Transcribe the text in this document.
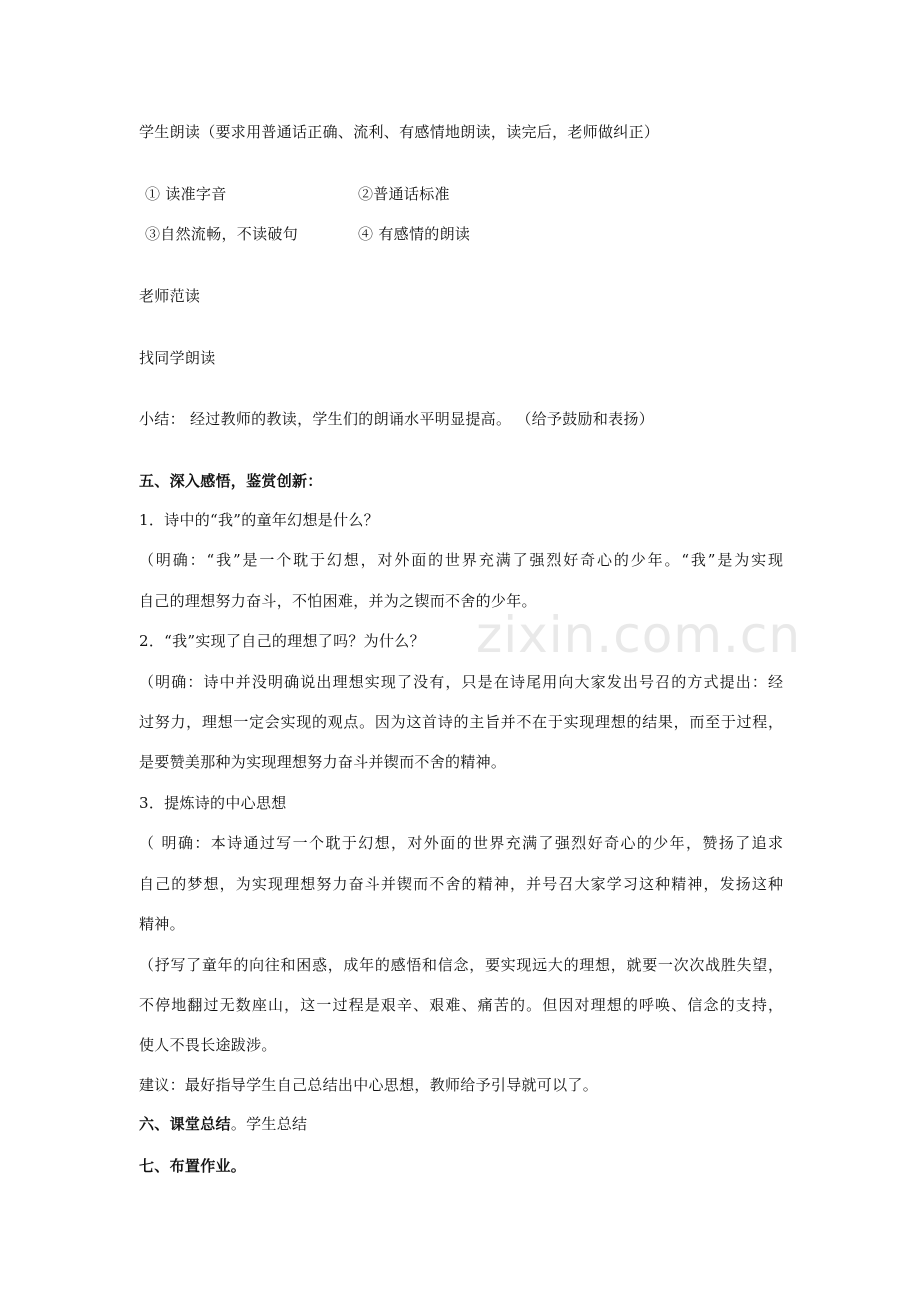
zixin.com.cn
学生朗读（要求用普通话正确、流利、有感情地朗读，读完后，老师做纠正）
① 读准字音	②普通话标准
③自然流畅，不读破句	④ 有感情的朗读
老师范读
找同学朗读
小结： 经过教师的教读，学生们的朗诵水平明显提高。 （给予鼓励和表扬）
五、深入感悟，鉴赏创新：
1．诗中的“我”的童年幻想是什么？
（明确：“我”是一个耽于幻想，对外面的世界充满了强烈好奇心的少年。“我”是为实现
自己的理想努力奋斗，不怕困难，并为之锲而不舍的少年。
2．“我”实现了自己的理想了吗？为什么？
（明确：诗中并没明确说出理想实现了没有，只是在诗尾用向大家发出号召的方式提出：经
过努力，理想一定会实现的观点。因为这首诗的主旨并不在于实现理想的结果，而至于过程，
是要赞美那种为实现理想努力奋斗并锲而不舍的精神。
3．提炼诗的中心思想
（ 明确：本诗通过写一个耽于幻想，对外面的世界充满了强烈好奇心的少年，赞扬了追求
自己的梦想，为实现理想努力奋斗并锲而不舍的精神，并号召大家学习这种精神，发扬这种
精神。
（抒写了童年的向往和困惑，成年的感悟和信念，要实现远大的理想，就要一次次战胜失望，
不停地翻过无数座山，这一过程是艰辛、艰难、痛苦的。但因对理想的呼唤、信念的支持，
使人不畏长途跋涉。
建议：最好指导学生自己总结出中心思想，教师给予引导就可以了。
六、课堂总结。学生总结
七、布置作业。
